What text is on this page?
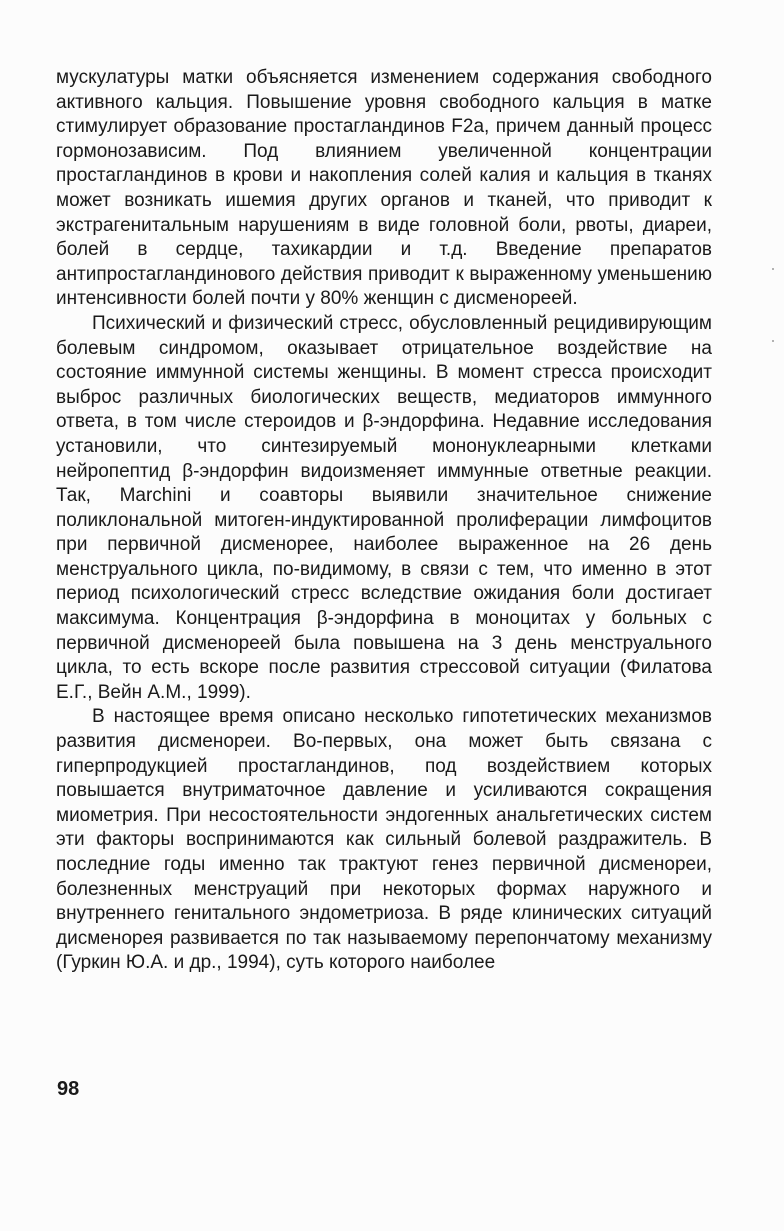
мускулатуры матки объясняется изменением содержания свободного активного кальция. Повышение уровня свободного кальция в матке стимулирует образование простагландинов F2a, причем данный процесс гормонозависим. Под влиянием увеличенной концентрации простагландинов в крови и накопления солей калия и кальция в тканях может возникать ишемия других органов и тканей, что приводит к экстрагенитальным нарушениям в виде головной боли, рвоты, диареи, болей в сердце, тахикардии и т.д. Введение препаратов антипростагландинового действия приводит к выраженному уменьшению интенсивности болей почти у 80% женщин с дисменореей.

Психический и физический стресс, обусловленный рецидивирующим болевым синдромом, оказывает отрицательное воздействие на состояние иммунной системы женщины. В момент стресса происходит выброс различных биологических веществ, медиаторов иммунного ответа, в том числе стероидов и β-эндорфина. Недавние исследования установили, что синтезируемый мононуклеарными клетками нейропептид β-эндорфин видоизменяет иммунные ответные реакции. Так, Marchini и соавторы выявили значительное снижение поликлональной митоген-индуктированной пролиферации лимфоцитов при первичной дисменорее, наиболее выраженное на 26 день менструального цикла, по-видимому, в связи с тем, что именно в этот период психологический стресс вследствие ожидания боли достигает максимума. Концентрация β-эндорфина в моноцитах у больных с первичной дисменореей была повышена на 3 день менструального цикла, то есть вскоре после развития стрессовой ситуации (Филатова Е.Г., Вейн А.М., 1999).

В настоящее время описано несколько гипотетических механизмов развития дисменореи. Во-первых, она может быть связана с гиперпродукцией простагландинов, под воздействием которых повышается внутриматочное давление и усиливаются сокращения миометрия. При несостоятельности эндогенных анальгетических систем эти факторы воспринимаются как сильный болевой раздражитель. В последние годы именно так трактуют генез первичной дисменореи, болезненных менструаций при некоторых формах наружного и внутреннего генитального эндометриоза. В ряде клинических ситуаций дисменорея развивается по так называемому перепончатому механизму (Гуркин Ю.А. и др., 1994), суть которого наиболее

98
